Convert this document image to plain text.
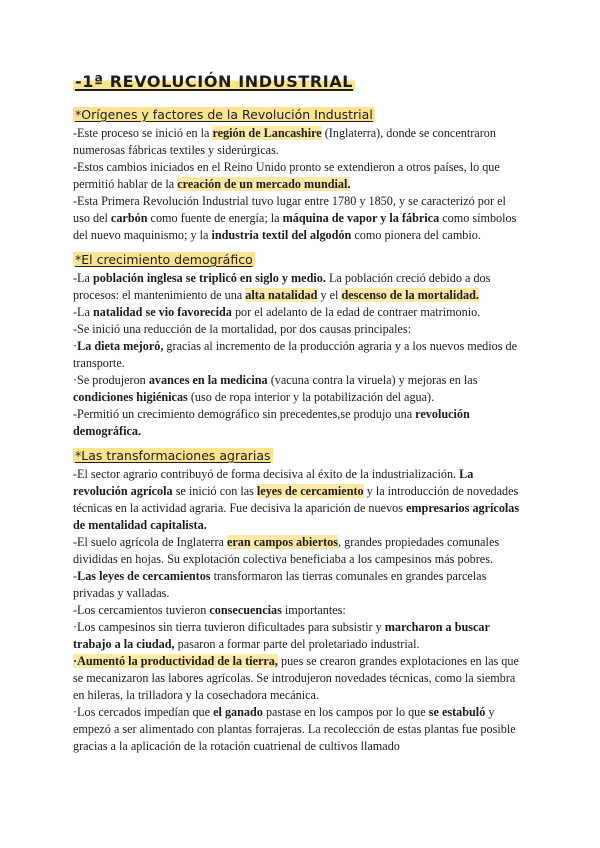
-1ª REVOLUCIÓN INDUSTRIAL
*Orígenes y factores de la Revolución Industrial

-Este proceso se inició en la región de Lancashire (Inglaterra), donde se concentraron numerosas fábricas textiles y siderúrgicas.

-Estos cambios iniciados en el Reino Unido pronto se extendieron a otros países, lo que permitió hablar de la creación de un mercado mundial.

-Esta Primera Revolución Industrial tuvo lugar entre 1780 y 1850, y se caracterizó por el uso del carbón como fuente de energía; la máquina de vapor y la fábrica como símbolos del nuevo maquinismo; y la industria textil del algodón como pionera del cambio.

*El crecimiento demográfico

-La población inglesa se triplicó en siglo y medio. La población creció debido a dos procesos: el mantenimiento de una alta natalidad y el descenso de la mortalidad.

-La natalidad se vio favorecida por el adelanto de la edad de contraer matrimonio.

-Se inició una reducción de la mortalidad, por dos causas principales:

·La dieta mejoró, gracias al incremento de la producción agraria y a los nuevos medios de transporte.

·Se produjeron avances en la medicina (vacuna contra la viruela) y mejoras en las condiciones higiénicas (uso de ropa interior y la potabilización del agua).

-Permitió un crecimiento demográfico sin precedentes,se produjo una revolución demográfica.

*Las transformaciones agrarias

-El sector agrario contribuyó de forma decisiva al éxito de la industrialización. La revolución agrícola se inició con las leyes de cercamiento y la introducción de novedades técnicas en la actividad agraria. Fue decisiva la aparición de nuevos empresarios agrícolas de mentalidad capitalista.

-El suelo agrícola de Inglaterra eran campos abiertos, grandes propiedades comunales divididas en hojas. Su explotación colectiva beneficiaba a los campesinos más pobres.

-Las leyes de cercamientos transformaron las tierras comunales en grandes parcelas privadas y valladas.

-Los cercamientos tuvieron consecuencias importantes:

·Los campesinos sin tierra tuvieron dificultades para subsistir y marcharon a buscar trabajo a la ciudad, pasaron a formar parte del proletariado industrial.

·Aumentó la productividad de la tierra, pues se crearon grandes explotaciones en las que se mecanizaron las labores agrícolas. Se introdujeron novedades técnicas, como la siembra en hileras, la trilladora y la cosechadora mecánica.

·Los cercados impedían que el ganado pastase en los campos por lo que se estabuló y empezó a ser alimentado con plantas forrajeras. La recolección de estas plantas fue posible gracias a la aplicación de la rotación cuatrienal de cultivos llamado
